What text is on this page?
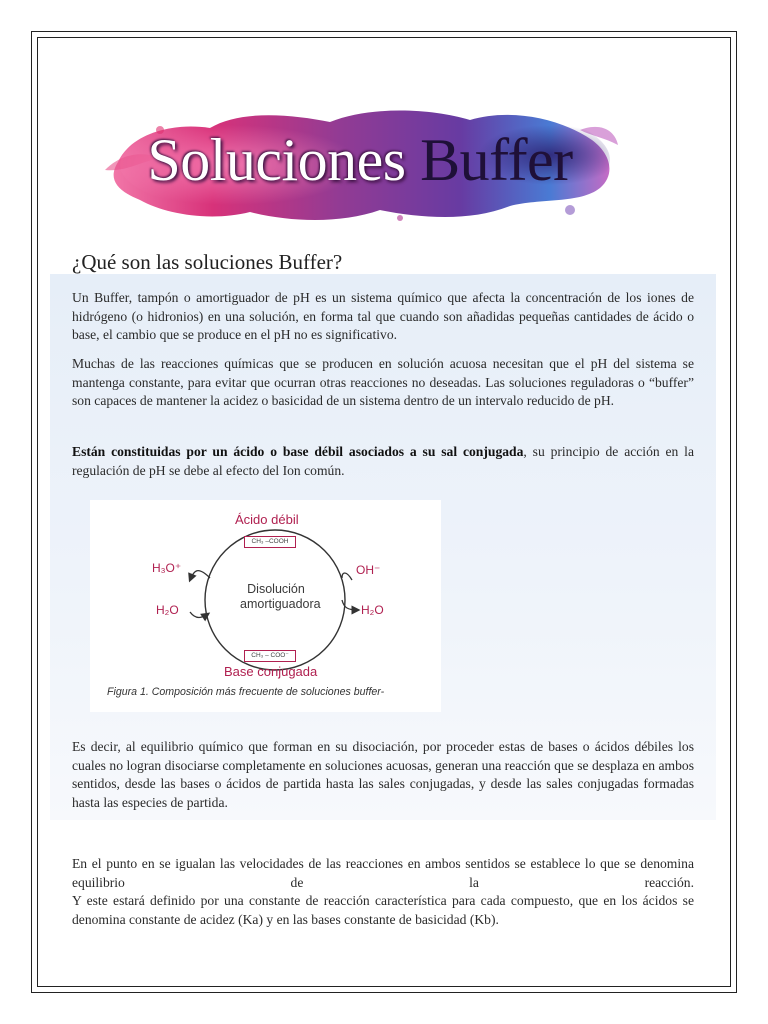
Soluciones Buffer
¿Qué son las soluciones Buffer?
Un Buffer, tampón o amortiguador de pH es un sistema químico que afecta la concentración de los iones de hidrógeno (o hidronios) en una solución, en forma tal que cuando son añadidas pequeñas cantidades de ácido o base, el cambio que se produce en el pH no es significativo.
Muchas de las reacciones químicas que se producen en solución acuosa necesitan que el pH del sistema se mantenga constante, para evitar que ocurran otras reacciones no deseadas. Las soluciones reguladoras o “buffer” son capaces de mantener la acidez o basicidad de un sistema dentro de un intervalo reducido de pH.
Están constituidas por un ácido o base débil asociados a su sal conjugada, su principio de acción en la regulación de pH se debe al efecto del Ion común.
Ácido débil
CH₃ –COOH
Disolución
amortiguadora
CH₃ – COO⁻
Base conjugada
H₃O⁺
H₂O
OH⁻
H₂O
Figura 1. Composición más frecuente de soluciones buffer-
Es decir, al equilibrio químico que forman en su disociación, por proceder estas de bases o ácidos débiles los cuales no logran disociarse completamente en soluciones acuosas, generan una reacción que se desplaza en ambos sentidos, desde las bases o ácidos de partida hasta las sales conjugadas, y desde las sales conjugadas formadas hasta las especies de partida.
En el punto en se igualan las velocidades de las reacciones en ambos sentidos se establece lo que se denomina equilibrio de la reacción.
Y este estará definido por una constante de reacción característica para cada compuesto, que en los ácidos se denomina constante de acidez (Ka) y en las bases constante de basicidad (Kb).
